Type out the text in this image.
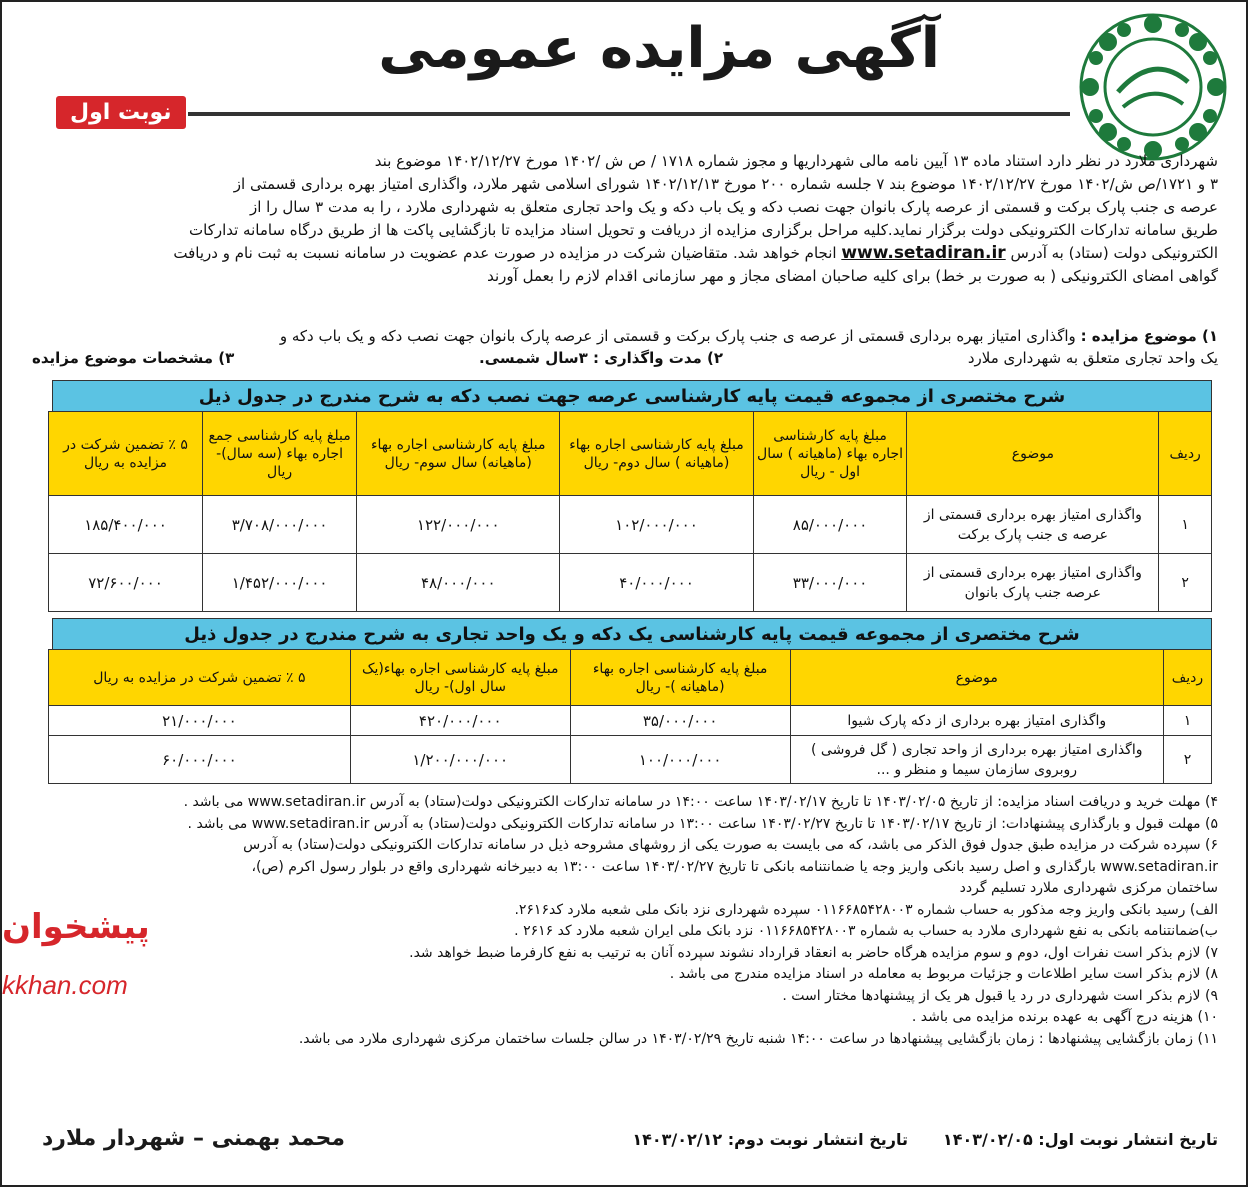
آگهی مزایده عمومی
نوبت اول

شهرداری ملارد در نظر دارد استناد ماده ۱۳ آیین نامه مالی شهرداریها و مجوز شماره ۱۷۱۸ / ص ش /۱۴۰۲ مورخ ۱۴۰۲/۱۲/۲۷ موضوع بند

۳ و ۱۷۲۱/ص ش/۱۴۰۲ مورخ ۱۴۰۲/۱۲/۲۷ موضوع بند ۷ جلسه شماره ۲۰۰ مورخ ۱۴۰۲/۱۲/۱۳ شورای اسلامی شهر ملارد، واگذاری امتیاز بهره برداری قسمتی از

عرصه ی جنب پارک برکت و قسمتی از عرصه پارک بانوان جهت نصب دکه و یک باب دکه و یک واحد تجاری متعلق به شهرداری ملارد ، را به مدت ۳ سال را از

طریق سامانه تدارکات الکترونیکی دولت برگزار نماید.کلیه مراحل برگزاری مزایده از دریافت و تحویل اسناد مزایده تا بازگشایی پاکت ها از طریق درگاه سامانه تدارکات

الکترونیکی دولت (ستاد) به آدرس www.setadiran.ir انجام خواهد شد. متقاضیان شرکت در مزایده در صورت عدم عضویت در سامانه نسبت به ثبت نام و دریافت

گواهی امضای الکترونیکی ( به صورت بر خط) برای کلیه صاحبان امضای مجاز و مهر سازمانی اقدام لازم را بعمل آورند

۱) موضوع مزایده : واگذاری امتیاز بهره برداری قسمتی از عرصه ی جنب پارک برکت و قسمتی از عرصه پارک بانوان جهت نصب دکه و یک باب دکه و
یک واحد تجاری متعلق به شهرداری ملارد
۲) مدت واگذاری : ۳سال شمسی.
۳) مشخصات موضوع مزایده
شرح مختصری از مجموعه قیمت پایه کارشناسی عرصه جهت نصب دکه به شرح مندرج در جدول ذیل
ردیف	موضوع	مبلغ پایه کارشناسی اجاره بهاء (ماهیانه ) سال اول - ریال	مبلغ پایه کارشناسی اجاره بهاء (ماهیانه ) سال دوم- ریال	مبلغ پایه کارشناسی اجاره بهاء (ماهیانه) سال سوم- ریال	مبلغ پایه کارشناسی جمع اجاره بهاء (سه سال)- ریال	۵ ٪ تضمین شرکت در مزایده به ریال
۱	واگذاری امتیاز بهره برداری قسمتی از عرصه ی جنب پارک برکت	۸۵/۰۰۰/۰۰۰	۱۰۲/۰۰۰/۰۰۰	۱۲۲/۰۰۰/۰۰۰	۳/۷۰۸/۰۰۰/۰۰۰	۱۸۵/۴۰۰/۰۰۰
۲	واگذاری امتیاز بهره برداری قسمتی از عرصه جنب پارک بانوان	۳۳/۰۰۰/۰۰۰	۴۰/۰۰۰/۰۰۰	۴۸/۰۰۰/۰۰۰	۱/۴۵۲/۰۰۰/۰۰۰	۷۲/۶۰۰/۰۰۰
شرح مختصری از مجموعه قیمت پایه کارشناسی یک دکه و یک واحد تجاری به شرح مندرج در جدول ذیل
ردیف	موضوع	مبلغ پایه کارشناسی اجاره بهاء (ماهیانه )- ریال	مبلغ پایه کارشناسی اجاره بهاء(یک سال اول)- ریال	۵ ٪ تضمین شرکت در مزایده به ریال
۱	واگذاری امتیاز بهره برداری از دکه پارک شیوا	۳۵/۰۰۰/۰۰۰	۴۲۰/۰۰۰/۰۰۰	۲۱/۰۰۰/۰۰۰
۲	واگذاری امتیاز بهره برداری از واحد تجاری ( گل فروشی ) روبروی سازمان سیما و منظر و ...	۱۰۰/۰۰۰/۰۰۰	۱/۲۰۰/۰۰۰/۰۰۰	۶۰/۰۰۰/۰۰۰

۴) مهلت خرید و دریافت اسناد مزایده: از تاریخ ۱۴۰۳/۰۲/۰۵ تا تاریخ ۱۴۰۳/۰۲/۱۷ ساعت ۱۴:۰۰ در سامانه تدارکات الکترونیکی دولت(ستاد) به آدرس www.setadiran.ir می باشد .

۵) مهلت قبول و بارگذاری پیشنهادات: از تاریخ ۱۴۰۳/۰۲/۱۷ تا تاریخ ۱۴۰۳/۰۲/۲۷ ساعت ۱۳:۰۰ در سامانه تدارکات الکترونیکی دولت(ستاد) به آدرس www.setadiran.ir می باشد .

۶) سپرده شرکت در مزایده طبق جدول فوق الذکر می باشد، که می بایست به صورت یکی از روشهای مشروحه ذیل در سامانه تدارکات الکترونیکی دولت(ستاد) به آدرس

www.setadiran.ir بارگذاری و اصل رسید بانکی واریز وجه یا ضمانتنامه بانکی تا تاریخ ۱۴۰۳/۰۲/۲۷ ساعت ۱۳:۰۰ به دبیرخانه شهرداری واقع در بلوار رسول اکرم (ص)،

ساختمان مرکزی شهرداری ملارد تسلیم گردد

الف) رسید بانکی واریز وجه مذکور به حساب شماره ۰۱۱۶۶۸۵۴۲۸۰۰۳ سپرده شهرداری نزد بانک ملی شعبه ملارد کد۲۶۱۶.

ب)ضمانتنامه بانکی به نفع شهرداری ملارد به حساب به شماره ۰۱۱۶۶۸۵۴۲۸۰۰۳ نزد بانک ملی ایران شعبه ملارد کد ۲۶۱۶ .

۷) لازم بذکر است نفرات اول، دوم و سوم مزایده هرگاه حاضر به انعقاد قرارداد نشوند سپرده آنان به ترتیب به نفع کارفرما ضبط خواهد شد.

۸) لازم بذکر است سایر اطلاعات و جزئیات مربوط به معامله در اسناد مزایده مندرج می باشد .

۹) لازم بذکر است شهرداری در رد یا قبول هر یک از پیشنهادها مختار است .

۱۰) هزینه درج آگهی به عهده برنده مزایده می باشد .

۱۱) زمان بازگشایی پیشنهادها : زمان بازگشایی پیشنهادها در ساعت ۱۴:۰۰ شنبه تاریخ ۱۴۰۳/۰۲/۲۹ در سالن جلسات ساختمان مرکزی شهرداری ملارد می باشد.

تاریخ انتشار نوبت اول: ۱۴۰۳/۰۲/۰۵
تاریخ انتشار نوبت دوم: ۱۴۰۳/۰۲/۱۲
محمد بهمنی – شهردار ملارد
پیشخوان
kkhan.com
